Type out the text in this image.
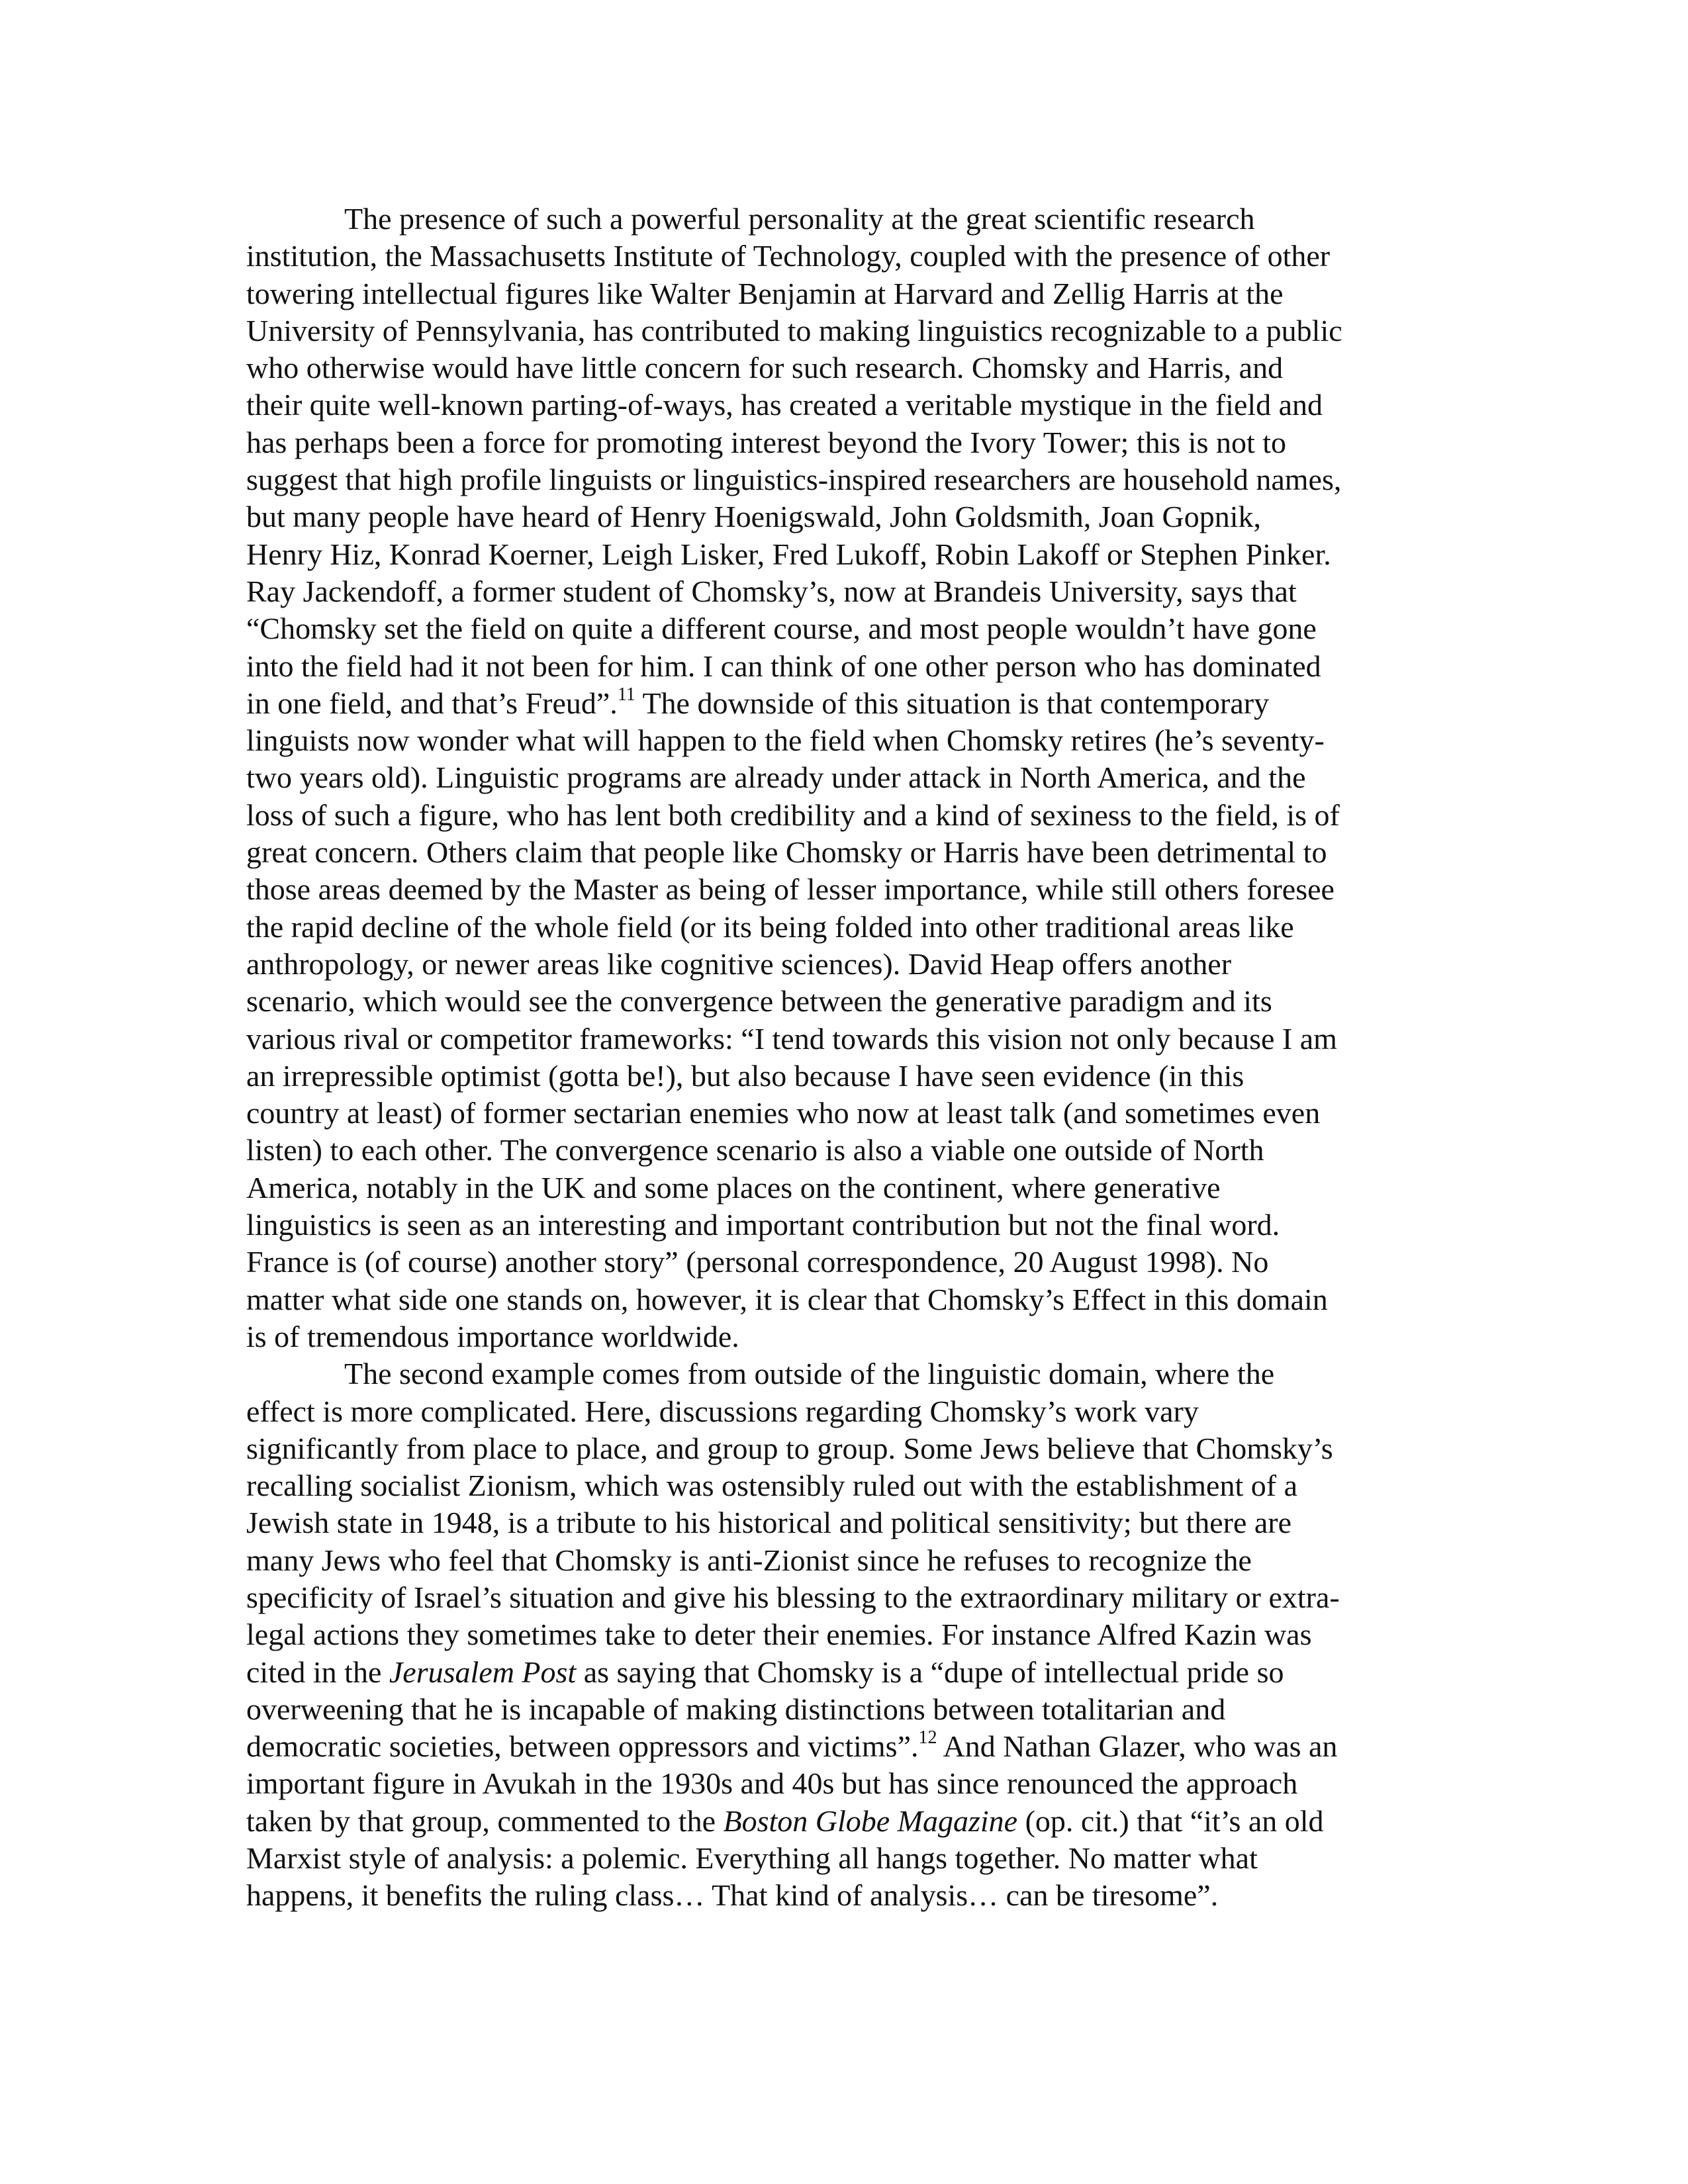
The presence of such a powerful personality at the great scientific research
institution, the Massachusetts Institute of Technology, coupled with the presence of other
towering intellectual figures like Walter Benjamin at Harvard and Zellig Harris at the
University of Pennsylvania, has contributed to making linguistics recognizable to a public
who otherwise would have little concern for such research. Chomsky and Harris, and
their quite well-known parting-of-ways, has created a veritable mystique in the field and
has perhaps been a force for promoting interest beyond the Ivory Tower; this is not to
suggest that high profile linguists or linguistics-inspired researchers are household names,
but many people have heard of Henry Hoenigswald, John Goldsmith, Joan Gopnik,
Henry Hiz, Konrad Koerner, Leigh Lisker, Fred Lukoff, Robin Lakoff or Stephen Pinker.
Ray Jackendoff, a former student of Chomsky’s, now at Brandeis University, says that
“Chomsky set the field on quite a different course, and most people wouldn’t have gone
into the field had it not been for him. I can think of one other person who has dominated
in one field, and that’s Freud”.$^{11}$ The downside of this situation is that contemporary
linguists now wonder what will happen to the field when Chomsky retires (he’s seventy-
two years old). Linguistic programs are already under attack in North America, and the
loss of such a figure, who has lent both credibility and a kind of sexiness to the field, is of
great concern. Others claim that people like Chomsky or Harris have been detrimental to
those areas deemed by the Master as being of lesser importance, while still others foresee
the rapid decline of the whole field (or its being folded into other traditional areas like
anthropology, or newer areas like cognitive sciences). David Heap offers another
scenario, which would see the convergence between the generative paradigm and its
various rival or competitor frameworks: “I tend towards this vision not only because I am
an irrepressible optimist (gotta be!), but also because I have seen evidence (in this
country at least) of former sectarian enemies who now at least talk (and sometimes even
listen) to each other. The convergence scenario is also a viable one outside of North
America, notably in the UK and some places on the continent, where generative
linguistics is seen as an interesting and important contribution but not the final word.
France is (of course) another story” (personal correspondence, 20 August 1998). No
matter what side one stands on, however, it is clear that Chomsky’s Effect in this domain
is of tremendous importance worldwide.
The second example comes from outside of the linguistic domain, where the
effect is more complicated. Here, discussions regarding Chomsky’s work vary
significantly from place to place, and group to group. Some Jews believe that Chomsky’s
recalling socialist Zionism, which was ostensibly ruled out with the establishment of a
Jewish state in 1948, is a tribute to his historical and political sensitivity; but there are
many Jews who feel that Chomsky is anti-Zionist since he refuses to recognize the
specificity of Israel’s situation and give his blessing to the extraordinary military or extra-
legal actions they sometimes take to deter their enemies. For instance Alfred Kazin was
cited in the Jerusalem Post as saying that Chomsky is a “dupe of intellectual pride so
overweening that he is incapable of making distinctions between totalitarian and
democratic societies, between oppressors and victims”.$^{12}$ And Nathan Glazer, who was an
important figure in Avukah in the 1930s and 40s but has since renounced the approach
taken by that group, commented to the Boston Globe Magazine (op. cit.) that “it’s an old
Marxist style of analysis: a polemic. Everything all hangs together. No matter what
happens, it benefits the ruling class… That kind of analysis… can be tiresome”.
